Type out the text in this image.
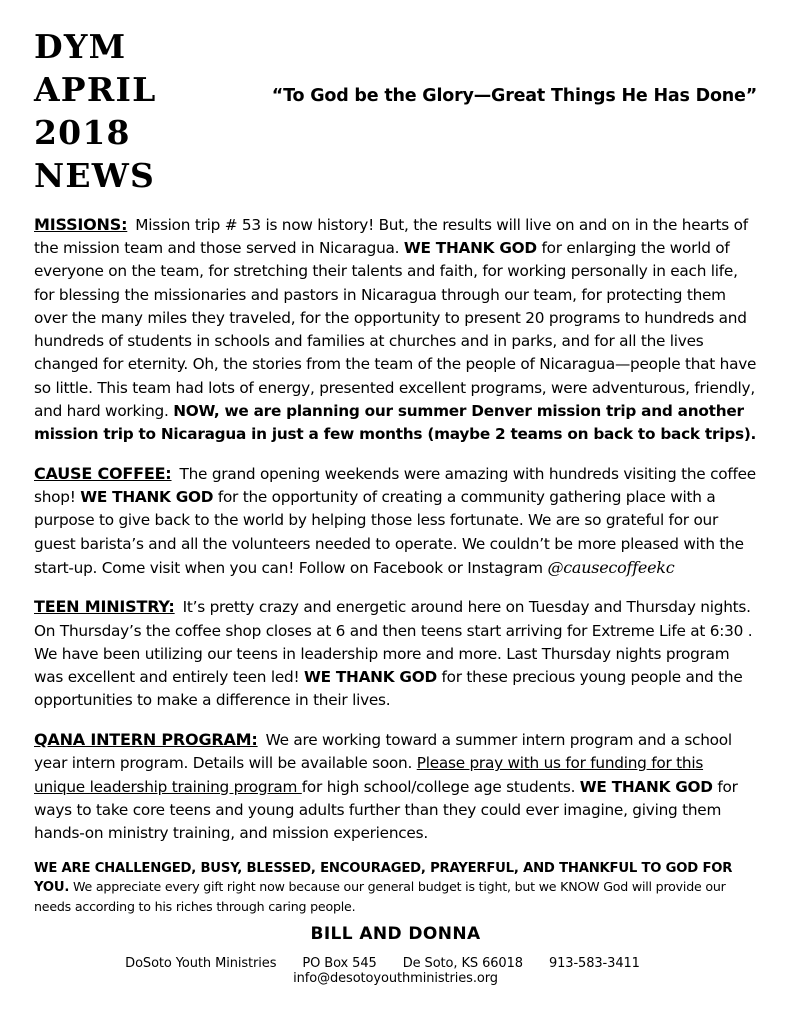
DYM
APRIL 2018
“To God be the Glory—Great Things He Has Done”
NEWS

MISSIONS: Mission trip # 53 is now history! But, the results will live on and on in the hearts of the mission team and those served in Nicaragua. WE THANK GOD for enlarging the world of everyone on the team, for stretching their talents and faith, for working personally in each life, for blessing the missionaries and pastors in Nicaragua through our team, for protecting them over the many miles they traveled, for the opportunity to present 20 programs to hundreds and hundreds of students in schools and families at churches and in parks, and for all the lives changed for eternity. Oh, the stories from the team of the people of Nicaragua—people that have so little. This team had lots of energy, presented excellent programs, were adventurous, friendly, and hard working. NOW, we are planning our summer Denver mission trip and another mission trip to Nicaragua in just a few months (maybe 2 teams on back to back trips).

CAUSE COFFEE: The grand opening weekends were amazing with hundreds visiting the coffee shop! WE THANK GOD for the opportunity of creating a community gathering place with a purpose to give back to the world by helping those less fortunate. We are so grateful for our guest barista’s and all the volunteers needed to operate. We couldn’t be more pleased with the start-up. Come visit when you can! Follow on Facebook or Instagram @causecoffeekc

TEEN MINISTRY: It’s pretty crazy and energetic around here on Tuesday and Thursday nights. On Thursday’s the coffee shop closes at 6 and then teens start arriving for Extreme Life at 6:30 . We have been utilizing our teens in leadership more and more. Last Thursday nights program was excellent and entirely teen led! WE THANK GOD for these precious young people and the opportunities to make a difference in their lives.

QANA INTERN PROGRAM: We are working toward a summer intern program and a school year intern program. Details will be available soon. Please pray with us for funding for this unique leadership training program for high school/college age students. WE THANK GOD for ways to take core teens and young adults further than they could ever imagine, giving them hands-on ministry training, and mission experiences.

WE ARE CHALLENGED, BUSY, BLESSED, ENCOURAGED, PRAYERFUL, AND THANKFUL TO GOD FOR YOU. We appreciate every gift right now because our general budget is tight, but we KNOW God will provide our needs according to his riches through caring people.
BILL AND DONNA
DoSoto Youth Ministries PO Box 545 De Soto, KS 66018 913-583-3411info@desotoyouthministries.org
